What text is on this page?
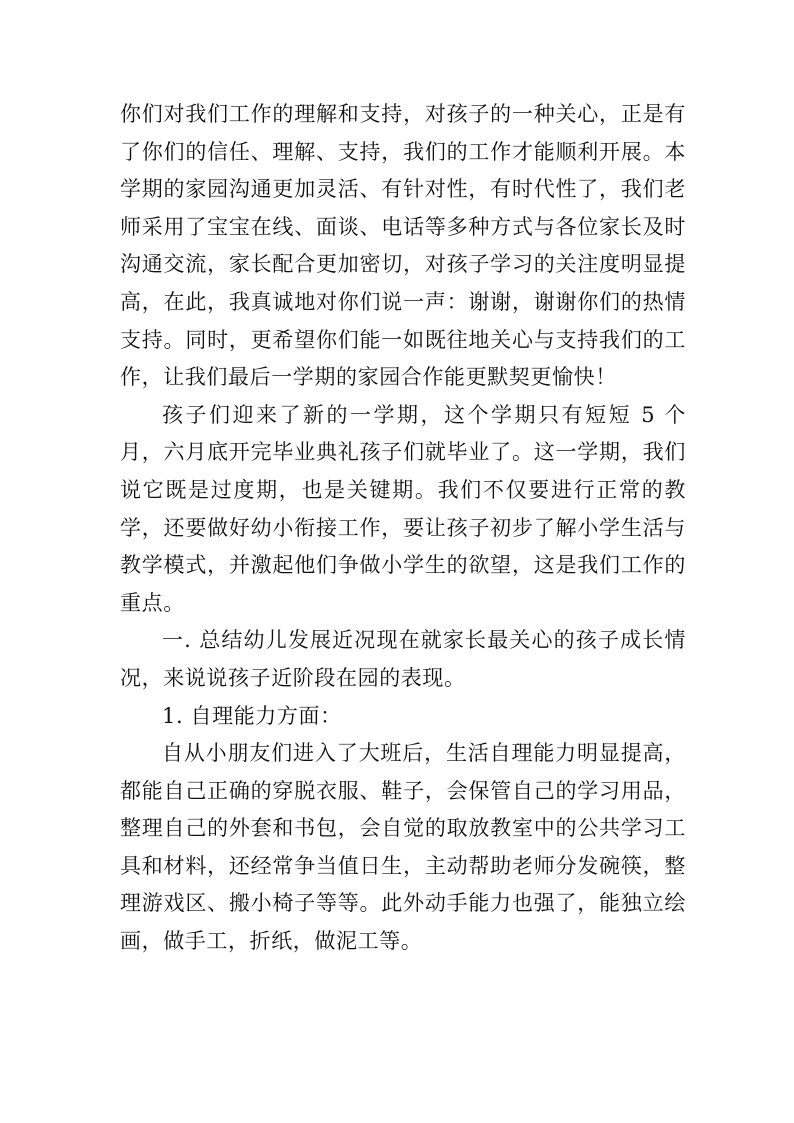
你们对我们工作的理解和支持，对孩子的一种关心，正是有了你们的信任、理解、支持，我们的工作才能顺利开展。本学期的家园沟通更加灵活、有针对性，有时代性了，我们老师采用了宝宝在线、面谈、电话等多种方式与各位家长及时沟通交流，家长配合更加密切，对孩子学习的关注度明显提高，在此，我真诚地对你们说一声：谢谢，谢谢你们的热情支持。同时，更希望你们能一如既往地关心与支持我们的工作，让我们最后一学期的家园合作能更默契更愉快！

孩子们迎来了新的一学期，这个学期只有短短 5 个月，六月底开完毕业典礼孩子们就毕业了。这一学期，我们说它既是过度期，也是关键期。我们不仅要进行正常的教学，还要做好幼小衔接工作，要让孩子初步了解小学生活与教学模式，并激起他们争做小学生的欲望，这是我们工作的重点。

一. 总结幼儿发展近况现在就家长最关心的孩子成长情况，来说说孩子近阶段在园的表现。

1. 自理能力方面：

自从小朋友们进入了大班后，生活自理能力明显提高，都能自己正确的穿脱衣服、鞋子，会保管自己的学习用品，整理自己的外套和书包，会自觉的取放教室中的公共学习工具和材料，还经常争当值日生，主动帮助老师分发碗筷，整理游戏区、搬小椅子等等。此外动手能力也强了，能独立绘画，做手工，折纸，做泥工等。
